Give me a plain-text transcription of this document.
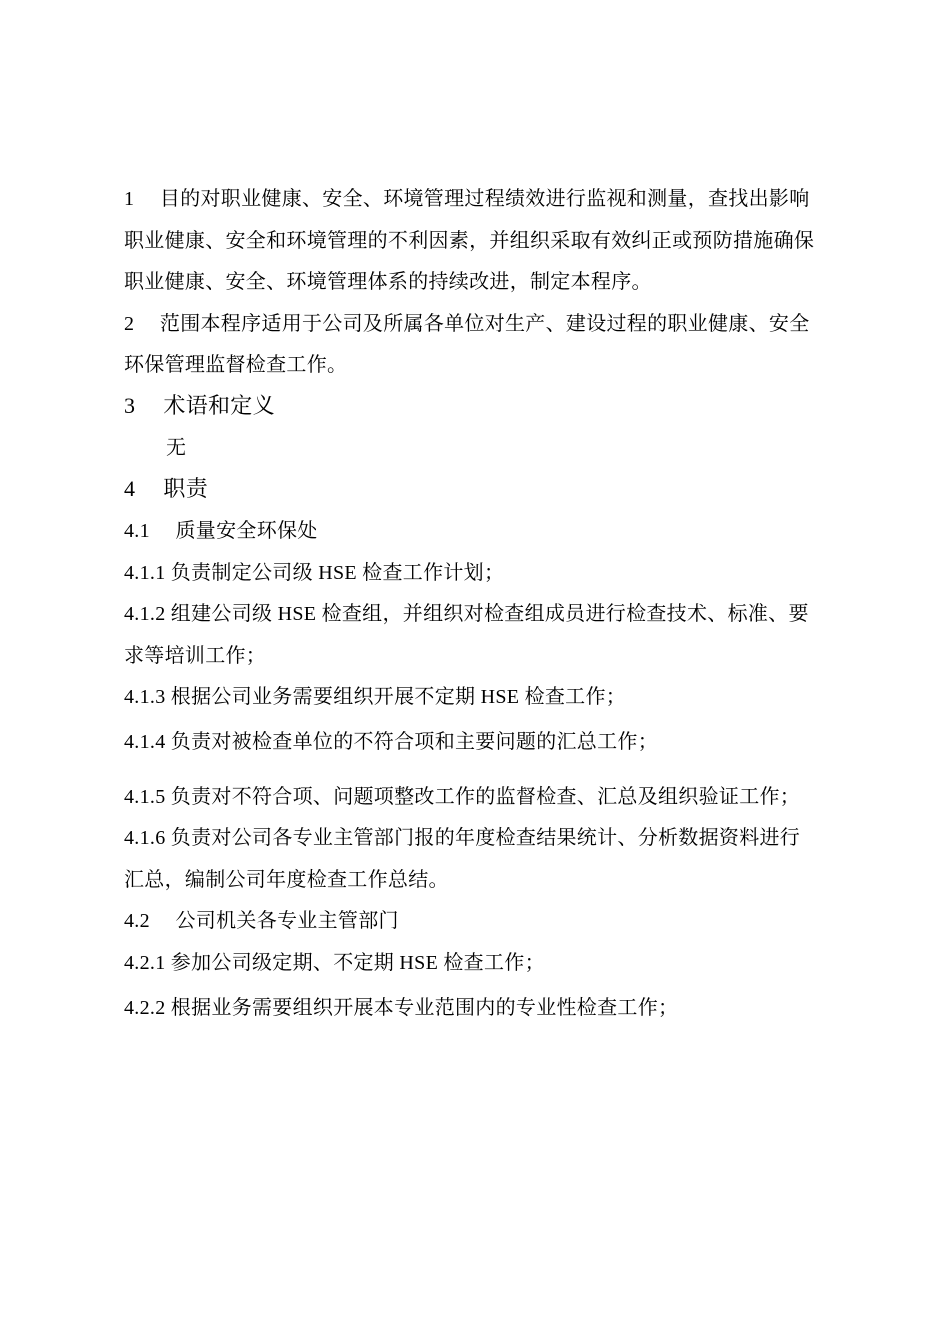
1　 目的对职业健康、安全、环境管理过程绩效进行监视和测量，查找出影响
职业健康、安全和环境管理的不利因素，并组织采取有效纠正或预防措施确保
职业健康、安全、环境管理体系的持续改进，制定本程序。
2　 范围本程序适用于公司及所属各单位对生产、建设过程的职业健康、安全
环保管理监督检查工作。
3　 术语和定义
无
4　 职责
4.1　 质量安全环保处
4.1.1 负责制定公司级 HSE 检查工作计划；
4.1.2 组建公司级 HSE 检查组，并组织对检查组成员进行检查技术、标准、要
求等培训工作；
4.1.3 根据公司业务需要组织开展不定期 HSE 检查工作；
4.1.4 负责对被检查单位的不符合项和主要问题的汇总工作；
4.1.5 负责对不符合项、问题项整改工作的监督检查、汇总及组织验证工作；
4.1.6 负责对公司各专业主管部门报的年度检查结果统计、分析数据资料进行
汇总，编制公司年度检查工作总结。
4.2　 公司机关各专业主管部门
4.2.1 参加公司级定期、不定期 HSE 检查工作；
4.2.2 根据业务需要组织开展本专业范围内的专业性检查工作；
